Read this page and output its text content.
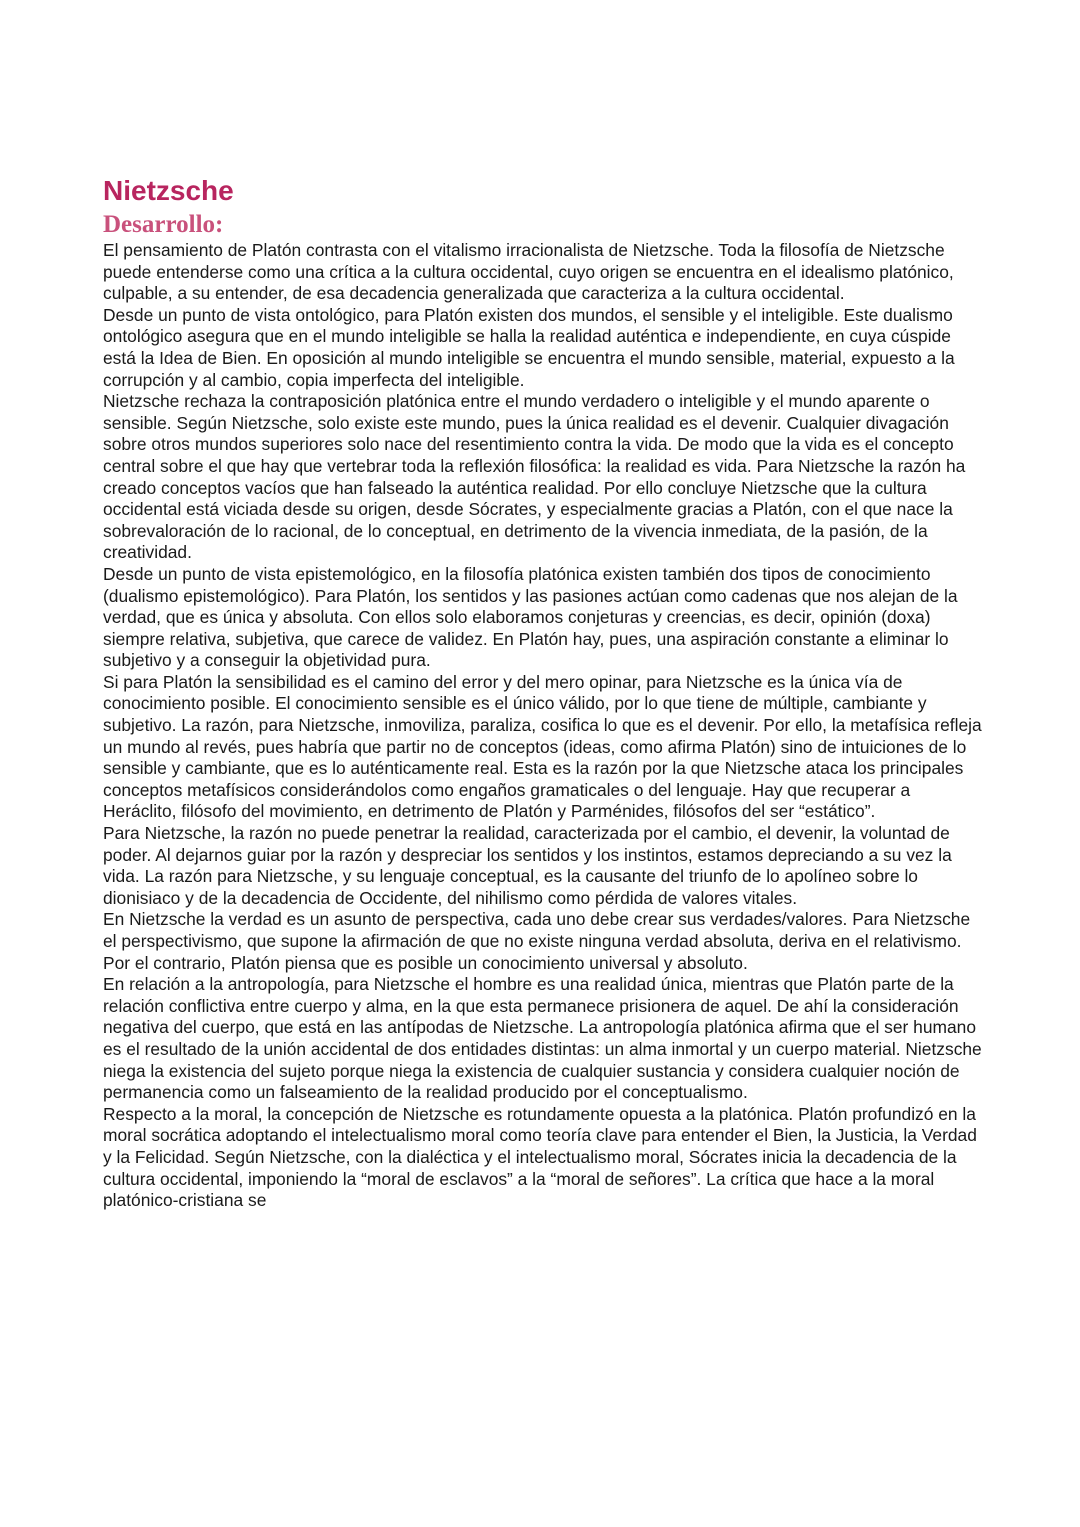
Nietzsche
Desarrollo:

El pensamiento de Platón contrasta con el vitalismo irracionalista de Nietzsche. Toda la filosofía de Nietzsche puede entenderse como una crítica a la cultura occidental, cuyo origen se encuentra en el idealismo platónico, culpable, a su entender, de esa decadencia generalizada que caracteriza a la cultura occidental.

Desde un punto de vista ontológico, para Platón existen dos mundos, el sensible y el inteligible. Este dualismo ontológico asegura que en el mundo inteligible se halla la realidad auténtica e independiente, en cuya cúspide está la Idea de Bien. En oposición al mundo inteligible se encuentra el mundo sensible, material, expuesto a la corrupción y al cambio, copia imperfecta del inteligible.

Nietzsche rechaza la contraposición platónica entre el mundo verdadero o inteligible y el mundo aparente o sensible. Según Nietzsche, solo existe este mundo, pues la única realidad es el devenir. Cualquier divagación sobre otros mundos superiores solo nace del resentimiento contra la vida. De modo que la vida es el concepto central sobre el que hay que vertebrar toda la reflexión filosófica: la realidad es vida. Para Nietzsche la razón ha creado conceptos vacíos que han falseado la auténtica realidad. Por ello concluye Nietzsche que la cultura occidental está viciada desde su origen, desde Sócrates, y especialmente gracias a Platón, con el que nace la sobrevaloración de lo racional, de lo conceptual, en detrimento de la vivencia inmediata, de la pasión, de la creatividad.

Desde un punto de vista epistemológico, en la filosofía platónica existen también dos tipos de conocimiento (dualismo epistemológico). Para Platón, los sentidos y las pasiones actúan como cadenas que nos alejan de la verdad, que es única y absoluta. Con ellos solo elaboramos conjeturas y creencias, es decir, opinión (doxa) siempre relativa, subjetiva, que carece de validez. En Platón hay, pues, una aspiración constante a eliminar lo subjetivo y a conseguir la objetividad pura.

Si para Platón la sensibilidad es el camino del error y del mero opinar, para Nietzsche es la única vía de conocimiento posible. El conocimiento sensible es el único válido, por lo que tiene de múltiple, cambiante y subjetivo. La razón, para Nietzsche, inmoviliza, paraliza, cosifica lo que es el devenir. Por ello, la metafísica refleja un mundo al revés, pues habría que partir no de conceptos (ideas, como afirma Platón) sino de intuiciones de lo sensible y cambiante, que es lo auténticamente real. Esta es la razón por la que Nietzsche ataca los principales conceptos metafísicos considerándolos como engaños gramaticales o del lenguaje. Hay que recuperar a Heráclito, filósofo del movimiento, en detrimento de Platón y Parménides, filósofos del ser “estático”.

Para Nietzsche, la razón no puede penetrar la realidad, caracterizada por el cambio, el devenir, la voluntad de poder. Al dejarnos guiar por la razón y despreciar los sentidos y los instintos, estamos depreciando a su vez la vida. La razón para Nietzsche, y su lenguaje conceptual, es la causante del triunfo de lo apolíneo sobre lo dionisiaco y de la decadencia de Occidente, del nihilismo como pérdida de valores vitales.

En Nietzsche la verdad es un asunto de perspectiva, cada uno debe crear sus verdades/valores. Para Nietzsche el perspectivismo, que supone la afirmación de que no existe ninguna verdad absoluta, deriva en el relativismo. Por el contrario, Platón piensa que es posible un conocimiento universal y absoluto.

En relación a la antropología, para Nietzsche el hombre es una realidad única, mientras que Platón parte de la relación conflictiva entre cuerpo y alma, en la que esta permanece prisionera de aquel. De ahí la consideración negativa del cuerpo, que está en las antípodas de Nietzsche. La antropología platónica afirma que el ser humano es el resultado de la unión accidental de dos entidades distintas: un alma inmortal y un cuerpo material. Nietzsche niega la existencia del sujeto porque niega la existencia de cualquier sustancia y considera cualquier noción de permanencia como un falseamiento de la realidad producido por el conceptualismo.

Respecto a la moral, la concepción de Nietzsche es rotundamente opuesta a la platónica. Platón profundizó en la moral socrática adoptando el intelectualismo moral como teoría clave para entender el Bien, la Justicia, la Verdad y la Felicidad. Según Nietzsche, con la dialéctica y el intelectualismo moral, Sócrates inicia la decadencia de la cultura occidental, imponiendo la “moral de esclavos” a la “moral de señores”. La crítica que hace a la moral platónico-cristiana se
